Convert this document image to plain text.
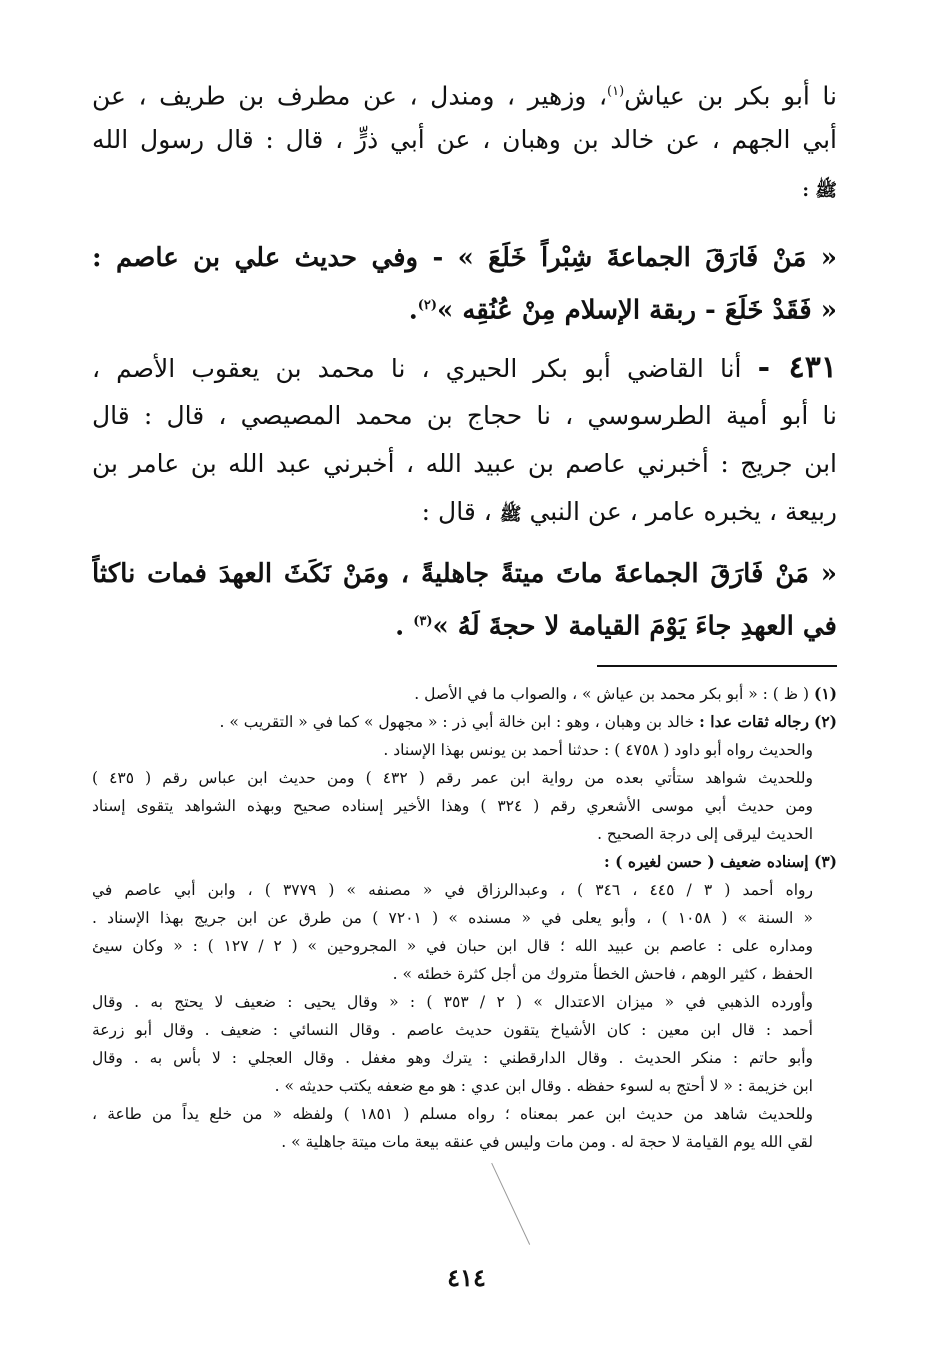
نا أبو بكر بن عياش$^{(١)}$، وزهير ، ومندل ، عن مطرف بن طريف ، عن
أبي الجهم ، عن خالد بن وهبان ، عن أبي ذرٍّ ، قال : قال رسول الله
ﷺ :
« مَنْ فَارَقَ الجماعةَ شِبْراً خَلَعَ » - وفي حديث علي بن عاصم :
« فَقَدْ خَلَعَ - ربقة الإسلام مِنْ عُنُقِه »$^{(٢)}$.
٤٣١ - أنا القاضي أبو بكر الحيري ، نا محمد بن يعقوب الأصم ،
نا أبو أمية الطرسوسي ، نا حجاج بن محمد المصيصي ، قال : قال
ابن جريج : أخبرني عاصم بن عبيد الله ، أخبرني عبد الله بن عامر بن
ربيعة ، يخبره عامر ، عن النبي ﷺ ، قال :
« مَنْ فَارَقَ الجماعةَ ماتَ ميتةً جاهليةً ، ومَنْ نَكَثَ العهدَ فمات ناكثاً
في العهدِ جاءَ يَوْمَ القيامة لا حجةَ لَهُ »$^{(٣)}$ .
(١) ( ظ ) : « أبو بكر محمد بن عياش » ، والصواب ما في الأصل .
(٢) رجاله ثقات عدا : خالد بن وهبان ، وهو : ابن خالة أبي ذر : « مجهول » كما في « التقريب » .
والحديث رواه أبو داود ( ٤٧٥٨ ) : حدثنا أحمد بن يونس بهذا الإسناد .
وللحديث شواهد ستأتي بعده من رواية ابن عمر رقم ( ٤٣٢ ) ومن حديث ابن عباس رقم ( ٤٣٥ )
ومن حديث أبي موسى الأشعري رقم ( ٣٢٤ ) وهذا الأخير إسناده صحيح وبهذه الشواهد يتقوى إسناد
الحديث ليرقى إلى درجة الصحيح .
(٣) إسناده ضعيف ( حسن لغيره ) :
رواه أحمد ( ٣ / ٤٤٥ ، ٣٤٦ ) ، وعبدالرزاق في « مصنفه » ( ٣٧٧٩ ) ، وابن أبي عاصم في
« السنة » ( ١٠٥٨ ) ، وأبو يعلى في « مسنده » ( ٧٢٠١ ) من طرق عن ابن جريج بهذا الإسناد .
ومداره على : عاصم بن عبيد الله ؛ قال ابن حبان في « المجروحين » ( ٢ / ١٢٧ ) : « وكان سيئ
الحفظ ، كثير الوهم ، فاحش الخطأ متروك من أجل كثرة خطئه » .
وأورده الذهبي في « ميزان الاعتدال » ( ٢ / ٣٥٣ ) : « وقال يحيى : ضعيف لا يحتج به . وقال
أحمد : قال ابن معين : كان الأشياخ يتقون حديث عاصم . وقال النسائي : ضعيف . وقال أبو زرعة
وأبو حاتم : منكر الحديث . وقال الدارقطني : يترك وهو مغفل . وقال العجلي : لا بأس به . وقال
ابن خزيمة : « لا أحتج به لسوء حفظه . وقال ابن عدي : هو مع ضعفه يكتب حديثه » .
وللحديث شاهد من حديث ابن عمر بمعناه ؛ رواه مسلم ( ١٨٥١ ) ولفظه « من خلع يداً من طاعة ،
لقي الله يوم القيامة لا حجة له . ومن مات وليس في عنقه بيعة مات ميتة جاهلية » .
٤١٤
